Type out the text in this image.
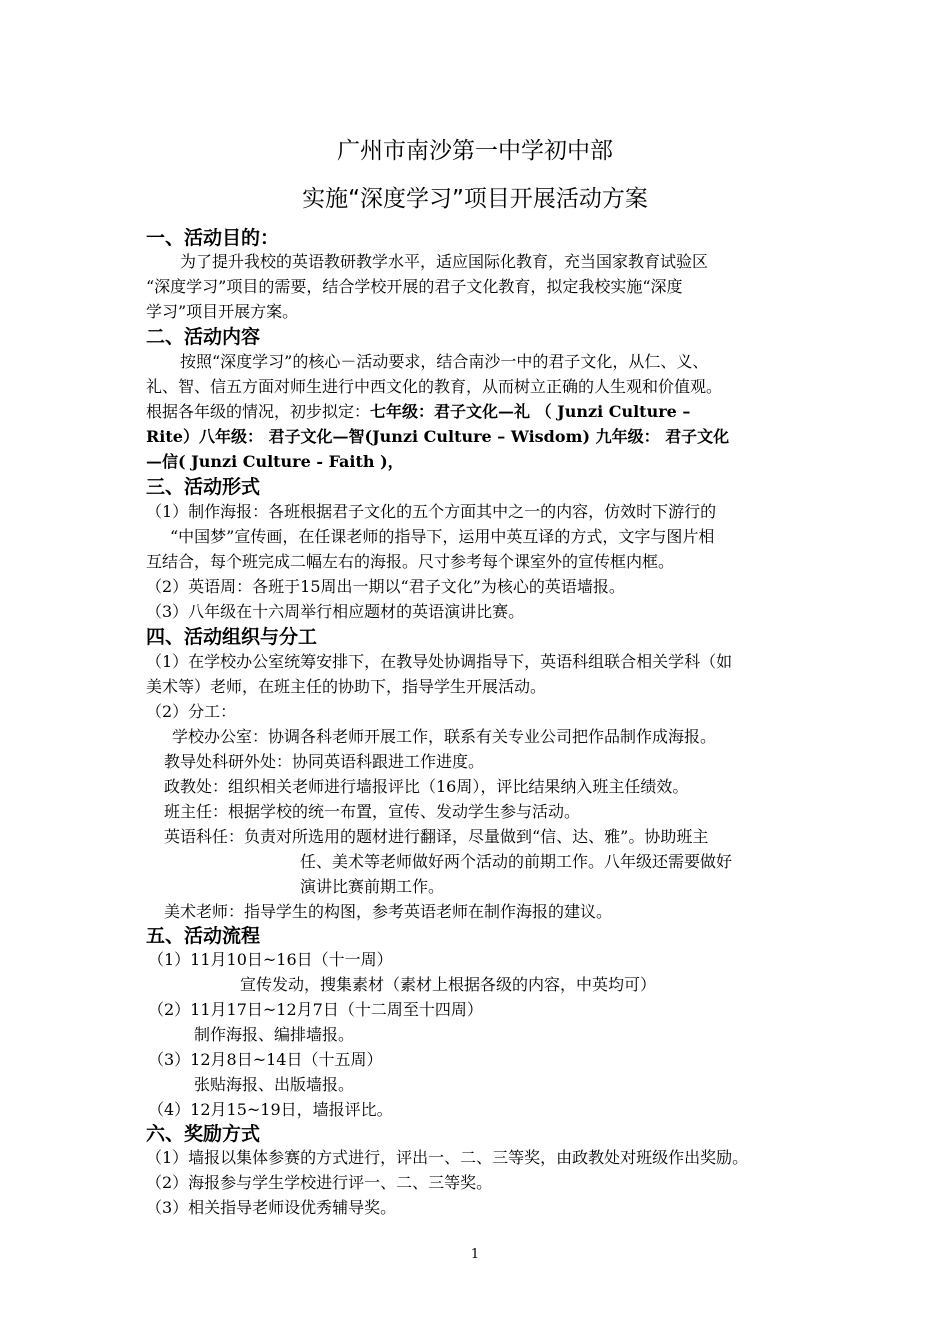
广州市南沙第一中学初中部
实施“深度学习”项目开展活动方案
一、活动目的：
为了提升我校的英语教研教学水平，适应国际化教育，充当国家教育试验区
“深度学习”项目的需要，结合学校开展的君子文化教育，拟定我校实施“深度
学习”项目开展方案。
二、活动内容
按照“深度学习”的核心－活动要求，结合南沙一中的君子文化，从仁、义、
礼、智、信五方面对师生进行中西文化的教育，从而树立正确的人生观和价值观。
根据各年级的情况，初步拟定：七年级：君子文化—礼 （ Junzi Culture –
Rite）八年级： 君子文化—智(Junzi Culture – Wisdom) 九年级： 君子文化
—信( Junzi Culture - Faith )，
三、活动形式
（1）制作海报：各班根据君子文化的五个方面其中之一的内容，仿效时下游行的
“中国梦”宣传画，在任课老师的指导下，运用中英互译的方式，文字与图片相
互结合，每个班完成二幅左右的海报。尺寸参考每个课室外的宣传框内框。
（2）英语周：各班于15周出一期以“君子文化”为核心的英语墙报。
（3）八年级在十六周举行相应题材的英语演讲比赛。
四、活动组织与分工
（1）在学校办公室统筹安排下，在教导处协调指导下，英语科组联合相关学科（如
美术等）老师，在班主任的协助下，指导学生开展活动。
（2）分工：
学校办公室：协调各科老师开展工作，联系有关专业公司把作品制作成海报。
教导处科研外处：协同英语科跟进工作进度。
政教处：组织相关老师进行墙报评比（16周），评比结果纳入班主任绩效。
班主任：根据学校的统一布置，宣传、发动学生参与活动。
英语科任：负责对所选用的题材进行翻译，尽量做到“信、达、雅”。协助班主
任、美术等老师做好两个活动的前期工作。八年级还需要做好
演讲比赛前期工作。
美术老师：指导学生的构图，参考英语老师在制作海报的建议。
五、活动流程
（1）11月10日~16日（十一周）
宣传发动，搜集素材（素材上根据各级的内容，中英均可）
（2）11月17日~12月7日（十二周至十四周）
制作海报、编排墙报。
（3）12月8日~14日（十五周）
张贴海报、出版墙报。
（4）12月15~19日，墙报评比。
六、奖励方式
（1）墙报以集体参赛的方式进行，评出一、二、三等奖，由政教处对班级作出奖励。
（2）海报参与学生学校进行评一、二、三等奖。
（3）相关指导老师设优秀辅导奖。
1
